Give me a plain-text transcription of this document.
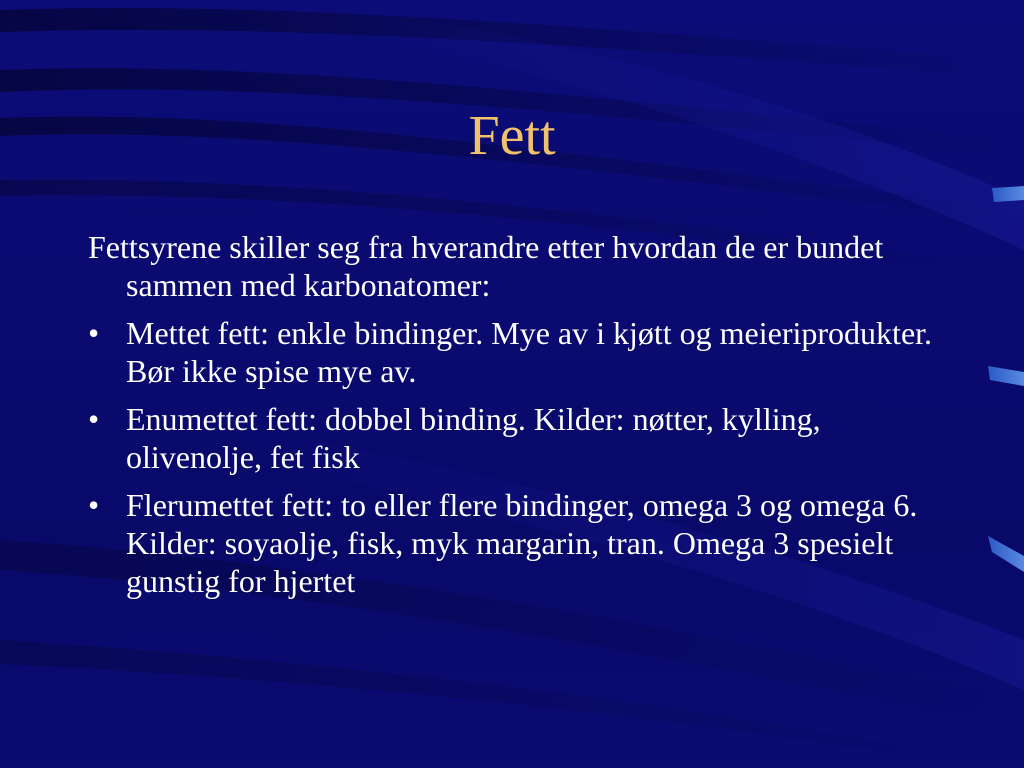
Fett

Fettsyrene skiller seg fra hverandre etter hvordan de er bundet sammen med karbonatomer:

• Mettet fett: enkle bindinger. Mye av i kjøtt og meieriprodukter. Bør ikke spise mye av.
• Enumettet fett: dobbel binding. Kilder: nøtter, kylling, olivenolje, fet fisk
• Flerumettet fett: to eller flere bindinger, omega 3 og omega 6. Kilder: soyaolje, fisk, myk margarin, tran. Omega 3 spesielt gunstig for hjertet
